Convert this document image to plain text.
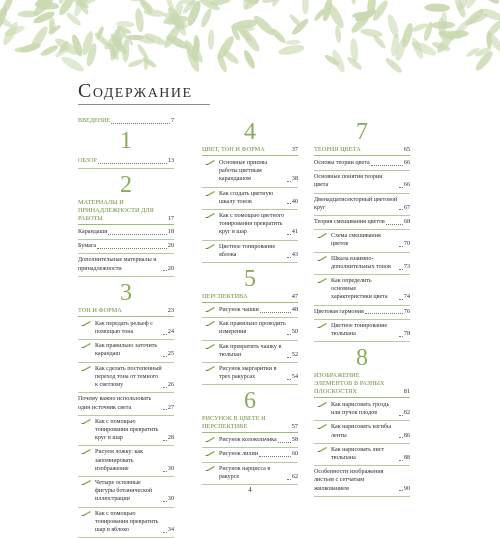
Содержание
ВВЕДЕНИЕ	7
1
ОБЗОР	13
2
МАТЕРИАЛЫ И ПРИНАДЛЕЖНОСТИ ДЛЯ РАБОТЫ	17
Карандаши	18
Бумага	20
Дополнительные материалы и принадлежности	20
3
ТОН И ФОРМА	23
Как передать рельеф с помощью тона	24
Как правильно заточить карандаш	25
Как сделать постепенный переход тона от темного к светлому	26
Почему важно использовать один источник света	27
Как с помощью тонирования превратить круг в шар	28
Рисуем ложку: как запомнировать изображение	30
Четыре основные фигуры ботанической иллюстрации	30
Как с помощью тонирования превратить шар в яблоко	34
4
ЦВЕТ, ТОН И ФОРМА	37
Основные приемы работы цветным карандашом	38
Как создать цветную шкалу тонов	40
Как с помощью цветного тонирования превратить круг в шар	41
Цветное тонирование яблока	43
5
ПЕРСПЕКТИВА	47
Рисунок чашки	48
Как правильно проводить измерения	50
Как превратить чашку в тюльпан	52
Рисунок маргаритки в трех ракурсах	54
6
РИСУНОК В ЦВЕТЕ И ПЕРСПЕКТИВЕ	57
Рисунок колокольчика 58
Рисунок лилии	60
Рисунок нарцисса в ракурсе	62
7
ТЕОРИЯ ЦВЕТА	65
Основы теории цвета	66
Основные понятия теории цвета	66
Двенадцатисекторный цветовой круг	67
Теория смешивания цветов	68
Схема смешивания цветов	70
Шкала взаимно-дополнительных тонов	73
Как определить основные характеристики цвета	74
Цветовая гармония	76
Цветное тонирование тюльпана	78
8
ИЗОБРАЖЕНИЕ ЭЛЕМЕНТОВ В РАЗНЫХ ПЛОСКОСТЯХ	81
Как нарисовать гроздь или пучок плодов	82
Как нарисовать изгибы ленты	86
Как нарисовать лист тюльпана	88
Особенности изображения листьев с сетчатым жилкованием	90
4
